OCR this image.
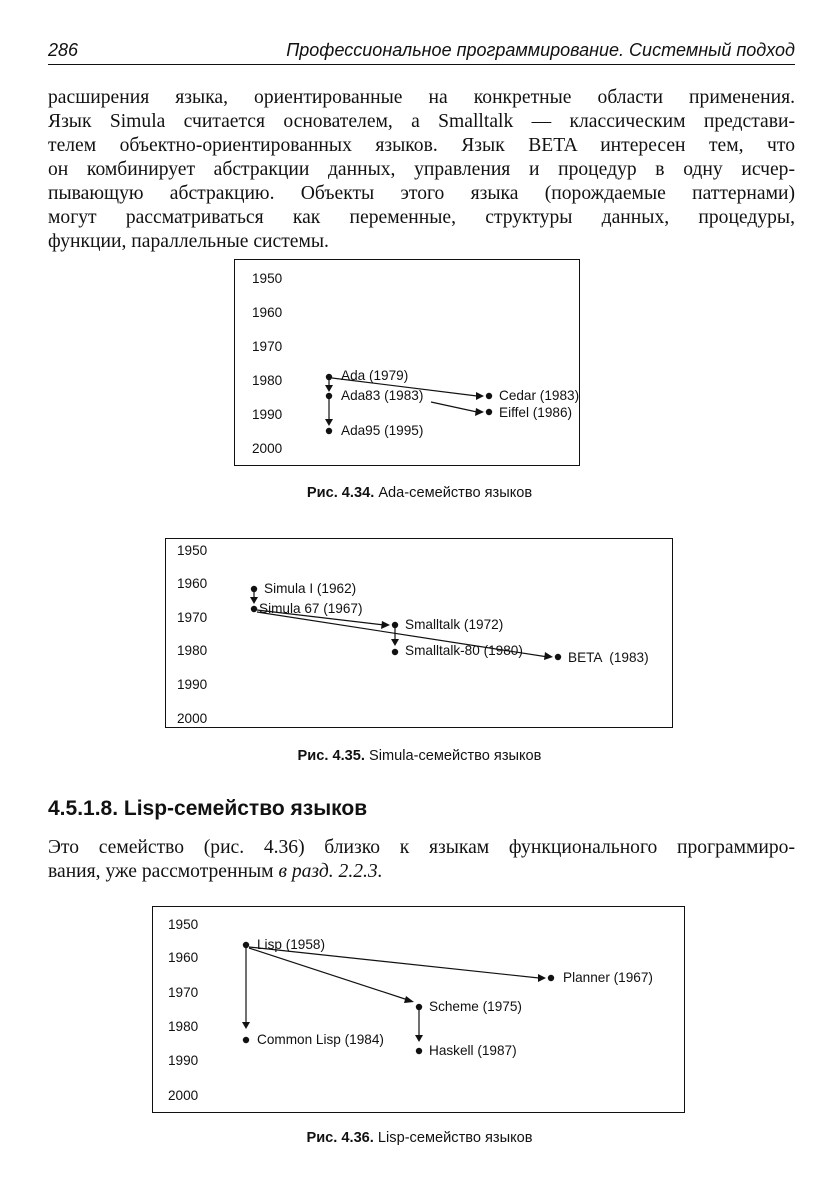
286	Профессиональное программирование. Системный подход
расширения языка, ориентированные на конкретные области применения.
Язык Simula считается основателем, а Smalltalk — классическим представи-
телем объектно-ориентированных языков. Язык BETA интересен тем, что
он комбинирует абстракции данных, управления и процедур в одну исчер-
пывающую абстракцию. Объекты этого языка (порождаемые паттернами)
могут рассматриваться как переменные, структуры данных, процедуры,
функции, параллельные системы.
1950
1960
1970
1980
1990
2000
Ada (1979)
Ada83 (1983)
Ada95 (1995)
Cedar (1983)
Eiffel (1986)
Рис. 4.34. Ada-семейство языков
1950
1960
1970
1980
1990
2000
Simula I (1962)
Simula 67 (1967)
Smalltalk (1972)
Smalltalk-80 (1980)	BETA  (1983)
Рис. 4.35. Simula-семейство языков
4.5.1.8. Lisp-семейство языков
Это семейство (рис. 4.36) близко к языкам функционального программиро-
вания, уже рассмотренным в разд. 2.2.3.
1950
1960
1970
1980
1990
2000
Lisp (1958)
Planner (1967)
Scheme (1975)
Common Lisp (1984)
Haskell (1987)
Рис. 4.36. Lisp-семейство языков
